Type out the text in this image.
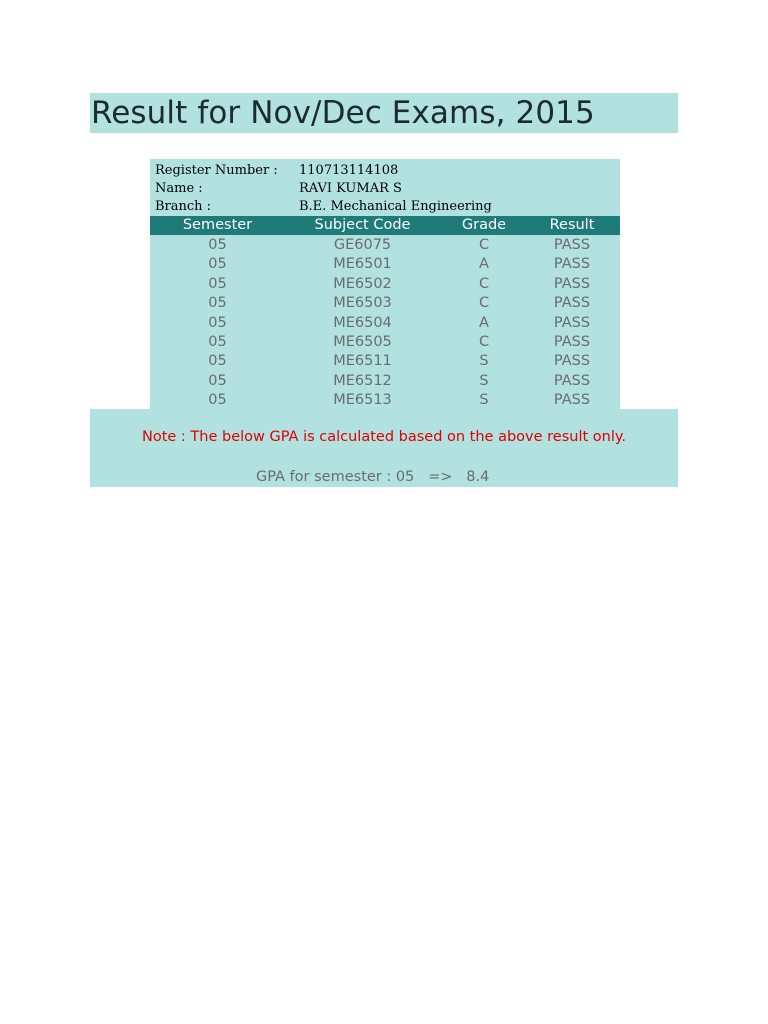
Result for Nov/Dec Exams, 2015
Register Number : 110713114108
Name :	RAVI KUMAR S
Branch :	B.E. Mechanical Engineering
Semester	Subject Code	Grade	Result
05	GE6075	C	PASS
05	ME6501	A	PASS
05	ME6502	C	PASS
05	ME6503	C	PASS
05	ME6504	A	PASS
05	ME6505	C	PASS
05	ME6511	S	PASS
05	ME6512	S	PASS
05	ME6513	S	PASS
Note : The below GPA is calculated based on the above result only.
GPA for semester : 05 => 8.4
